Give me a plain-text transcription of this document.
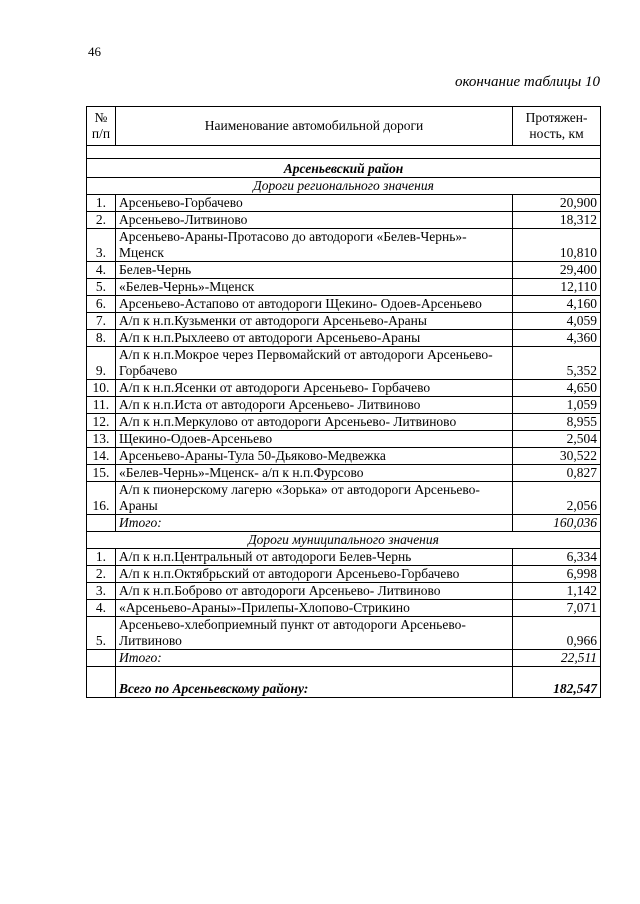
46
окончание таблицы 10
№ п/п	Наименование автомобильной дороги	Протяжен-ность, км

Арсеньевский район		
Дороги регионального значения		
1.	Арсеньево-Горбачево	20,900
2.	Арсеньево-Литвиново	18,312
3.	Арсеньево-Араны-Протасово до автодороги «Белев-Чернь»-Мценск	10,810
4.	Белев-Чернь	29,400
5.	«Белев-Чернь»-Мценск	12,110
6.	Арсеньево-Астапово от автодороги Щекино- Одоев-Арсеньево	4,160
7.	А/п к н.п.Кузьменки от автодороги Арсеньево-Араны	4,059
8.	А/п к н.п.Рыхлеево от автодороги Арсеньево-Араны	4,360
9.	А/п к н.п.Мокрое через Первомайский от автодороги Арсеньево- Горбачево	5,352
10.	А/п к н.п.Ясенки от автодороги Арсеньево- Горбачево	4,650
11.	А/п к н.п.Иста от автодороги Арсеньево- Литвиново	1,059
12.	А/п к н.п.Меркулово от автодороги Арсеньево- Литвиново	8,955
13.	Щекино-Одоев-Арсеньево	2,504
14.	Арсеньево-Араны-Тула 50-Дьяково-Медвежка	30,522
15.	«Белев-Чернь»-Мценск- а/п к н.п.Фурсово	0,827
16.	А/п к пионерскому лагерю «Зорька» от автодороги Арсеньево-Араны	2,056
	Итого:	160,036
Дороги муниципального значения		
1.	А/п к н.п.Центральный от автодороги Белев-Чернь	6,334
2.	А/п к н.п.Октябрьский от автодороги Арсеньево-Горбачево	6,998
3.	А/п к н.п.Боброво от автодороги Арсеньево- Литвиново	1,142
4.	«Арсеньево-Араны»-Прилепы-Хлопово-Стрикино	7,071
5.	Арсеньево-хлебоприемный пункт от автодороги Арсеньево- Литвиново	0,966
	Итого:	22,511
	Всего по Арсеньевскому району:	182,547
